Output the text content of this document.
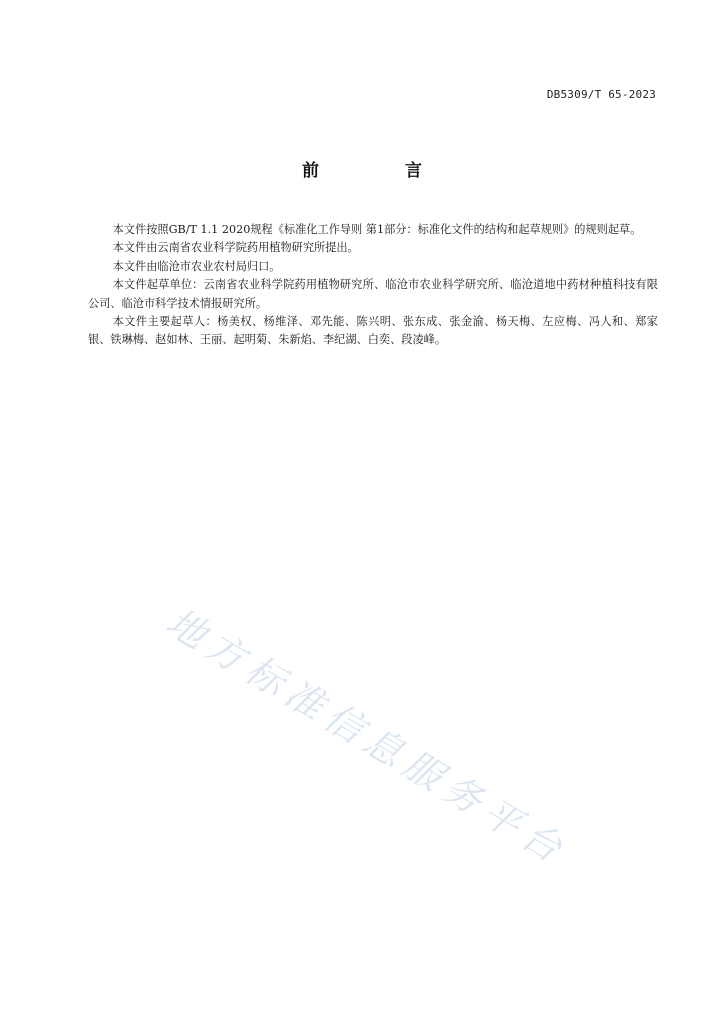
DB5309/T 65-2023
前 言

本文件按照GB/T 1.1 2020规程《标准化工作导则 第1部分：标准化文件的结构和起草规则》的规则起草。

本文件由云南省农业科学院药用植物研究所提出。

本文件由临沧市农业农村局归口。

本文件起草单位：云南省农业科学院药用植物研究所、临沧市农业科学研究所、临沧道地中药材种植科技有限公司、临沧市科学技术情报研究所。

本文件主要起草人：杨美权、杨维泽、邓先能、陈兴明、张东成、张金渝、杨天梅、左应梅、冯人和、郑家银、铁琳梅、赵如林、王丽、起明菊、朱新焰、李纪湖、白奕、段凌峰。

地方标准信息服务平台
